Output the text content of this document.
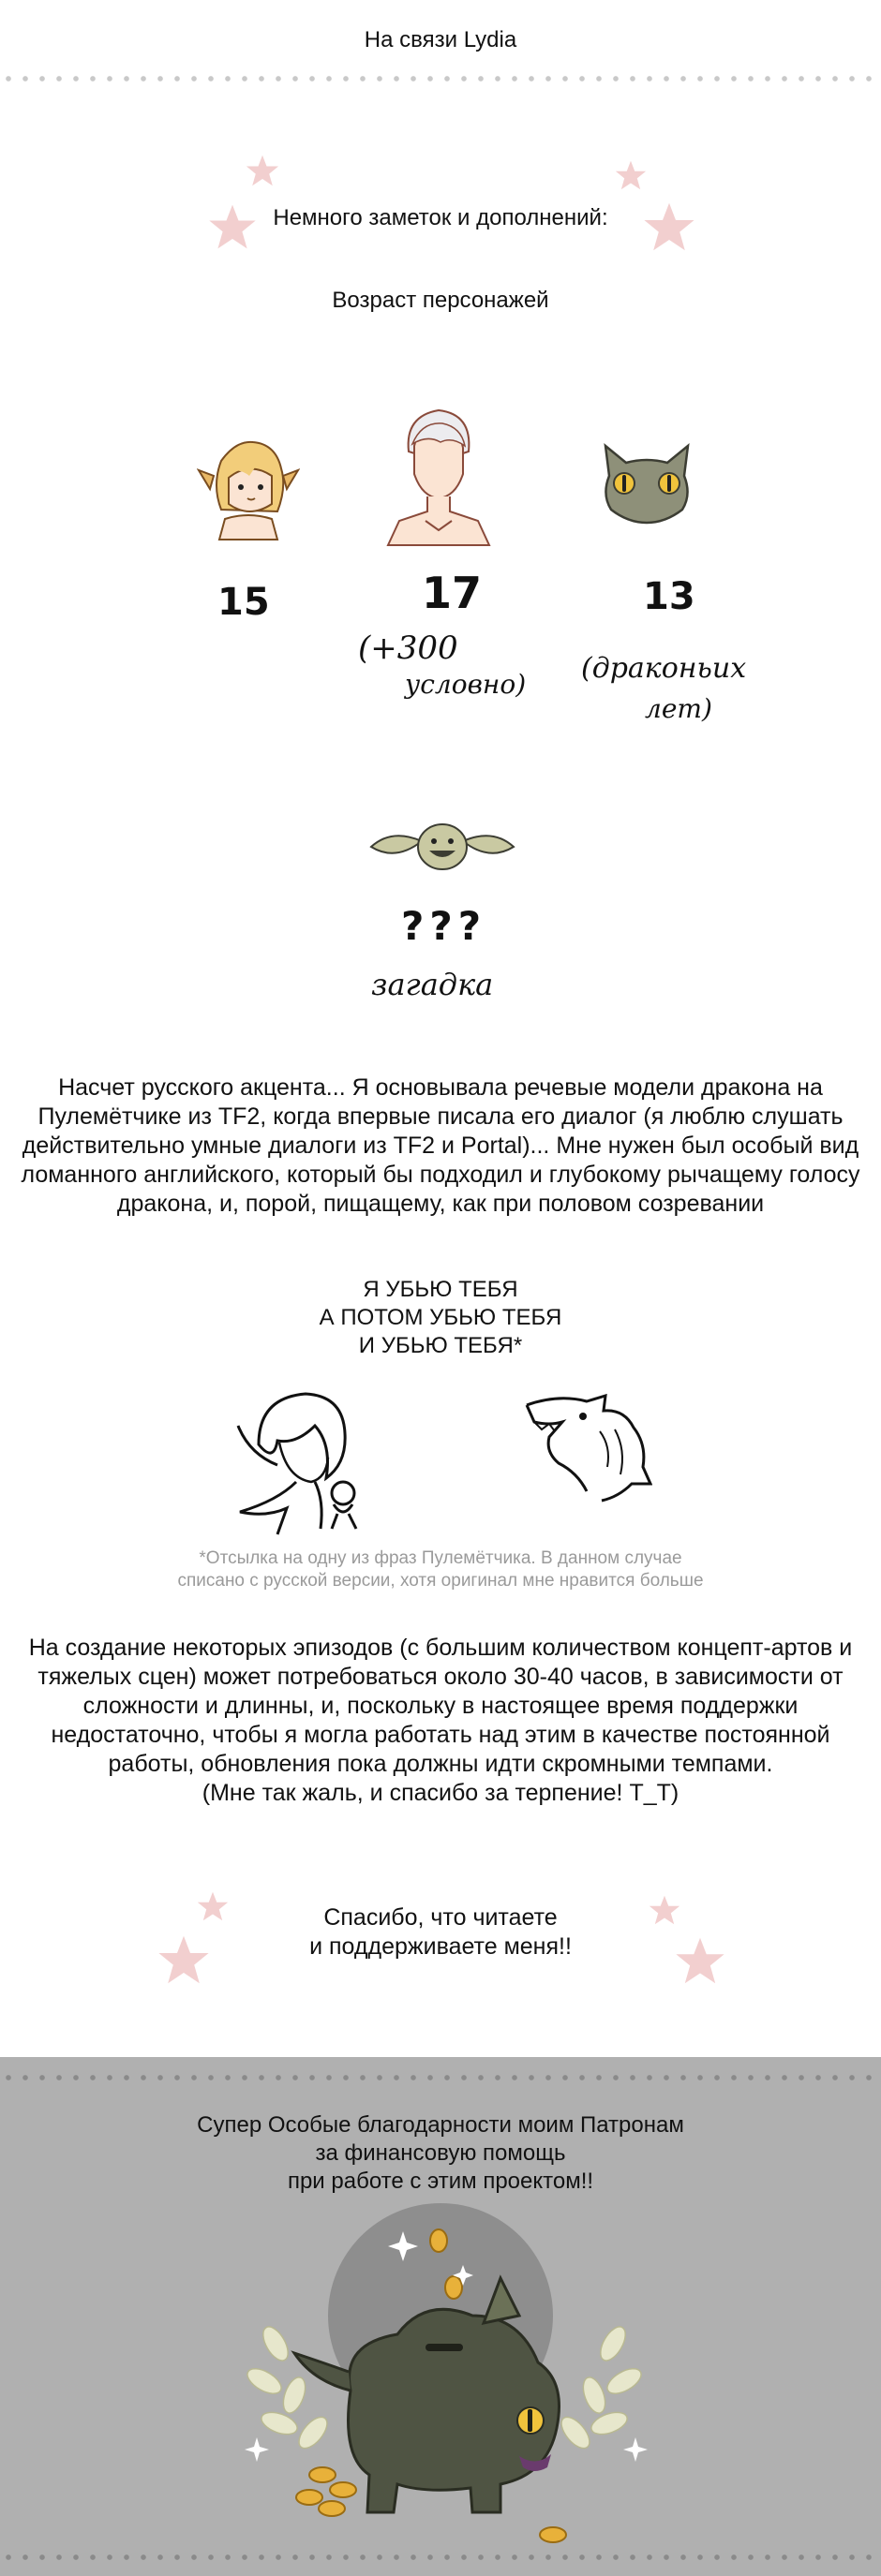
На связи Lydia
Немного заметок и дополнений:
Возраст персонажей
15	17	13
(+300
условно) (драконьих
лет)
???
загадка
Насчет русского акцента... Я основывала речевые модели дракона на
Пулемётчике из TF2, когда впервые писала его диалог (я люблю слушать
действительно умные диалоги из TF2 и Portal)... Мне нужен был особый вид
ломанного английского, который бы подходил и глубокому рычащему голосу
дракона, и, порой, пищащему, как при половом созревании
Я УБЬЮ ТЕБЯ
А ПОТОМ УБЬЮ ТЕБЯ
И УБЬЮ ТЕБЯ*
*Отсылка на одну из фраз Пулемётчика. В данном случае
списано с русской версии, хотя оригинал мне нравится больше
На создание некоторых эпизодов (с большим количеством концепт-артов и
тяжелых сцен) может потребоваться около 30-40 часов, в зависимости от
сложности и длинны, и, поскольку в настоящее время поддержки
недостаточно, чтобы я могла работать над этим в качестве постоянной
работы, обновления пока должны идти скромными темпами.
(Мне так жаль, и спасибо за терпение! T_T)
Спасибо, что читаете
и поддерживаете меня!!
Супер Особые благодарности моим Патронам
за финансовую помощь
при работе с этим проектом!!
